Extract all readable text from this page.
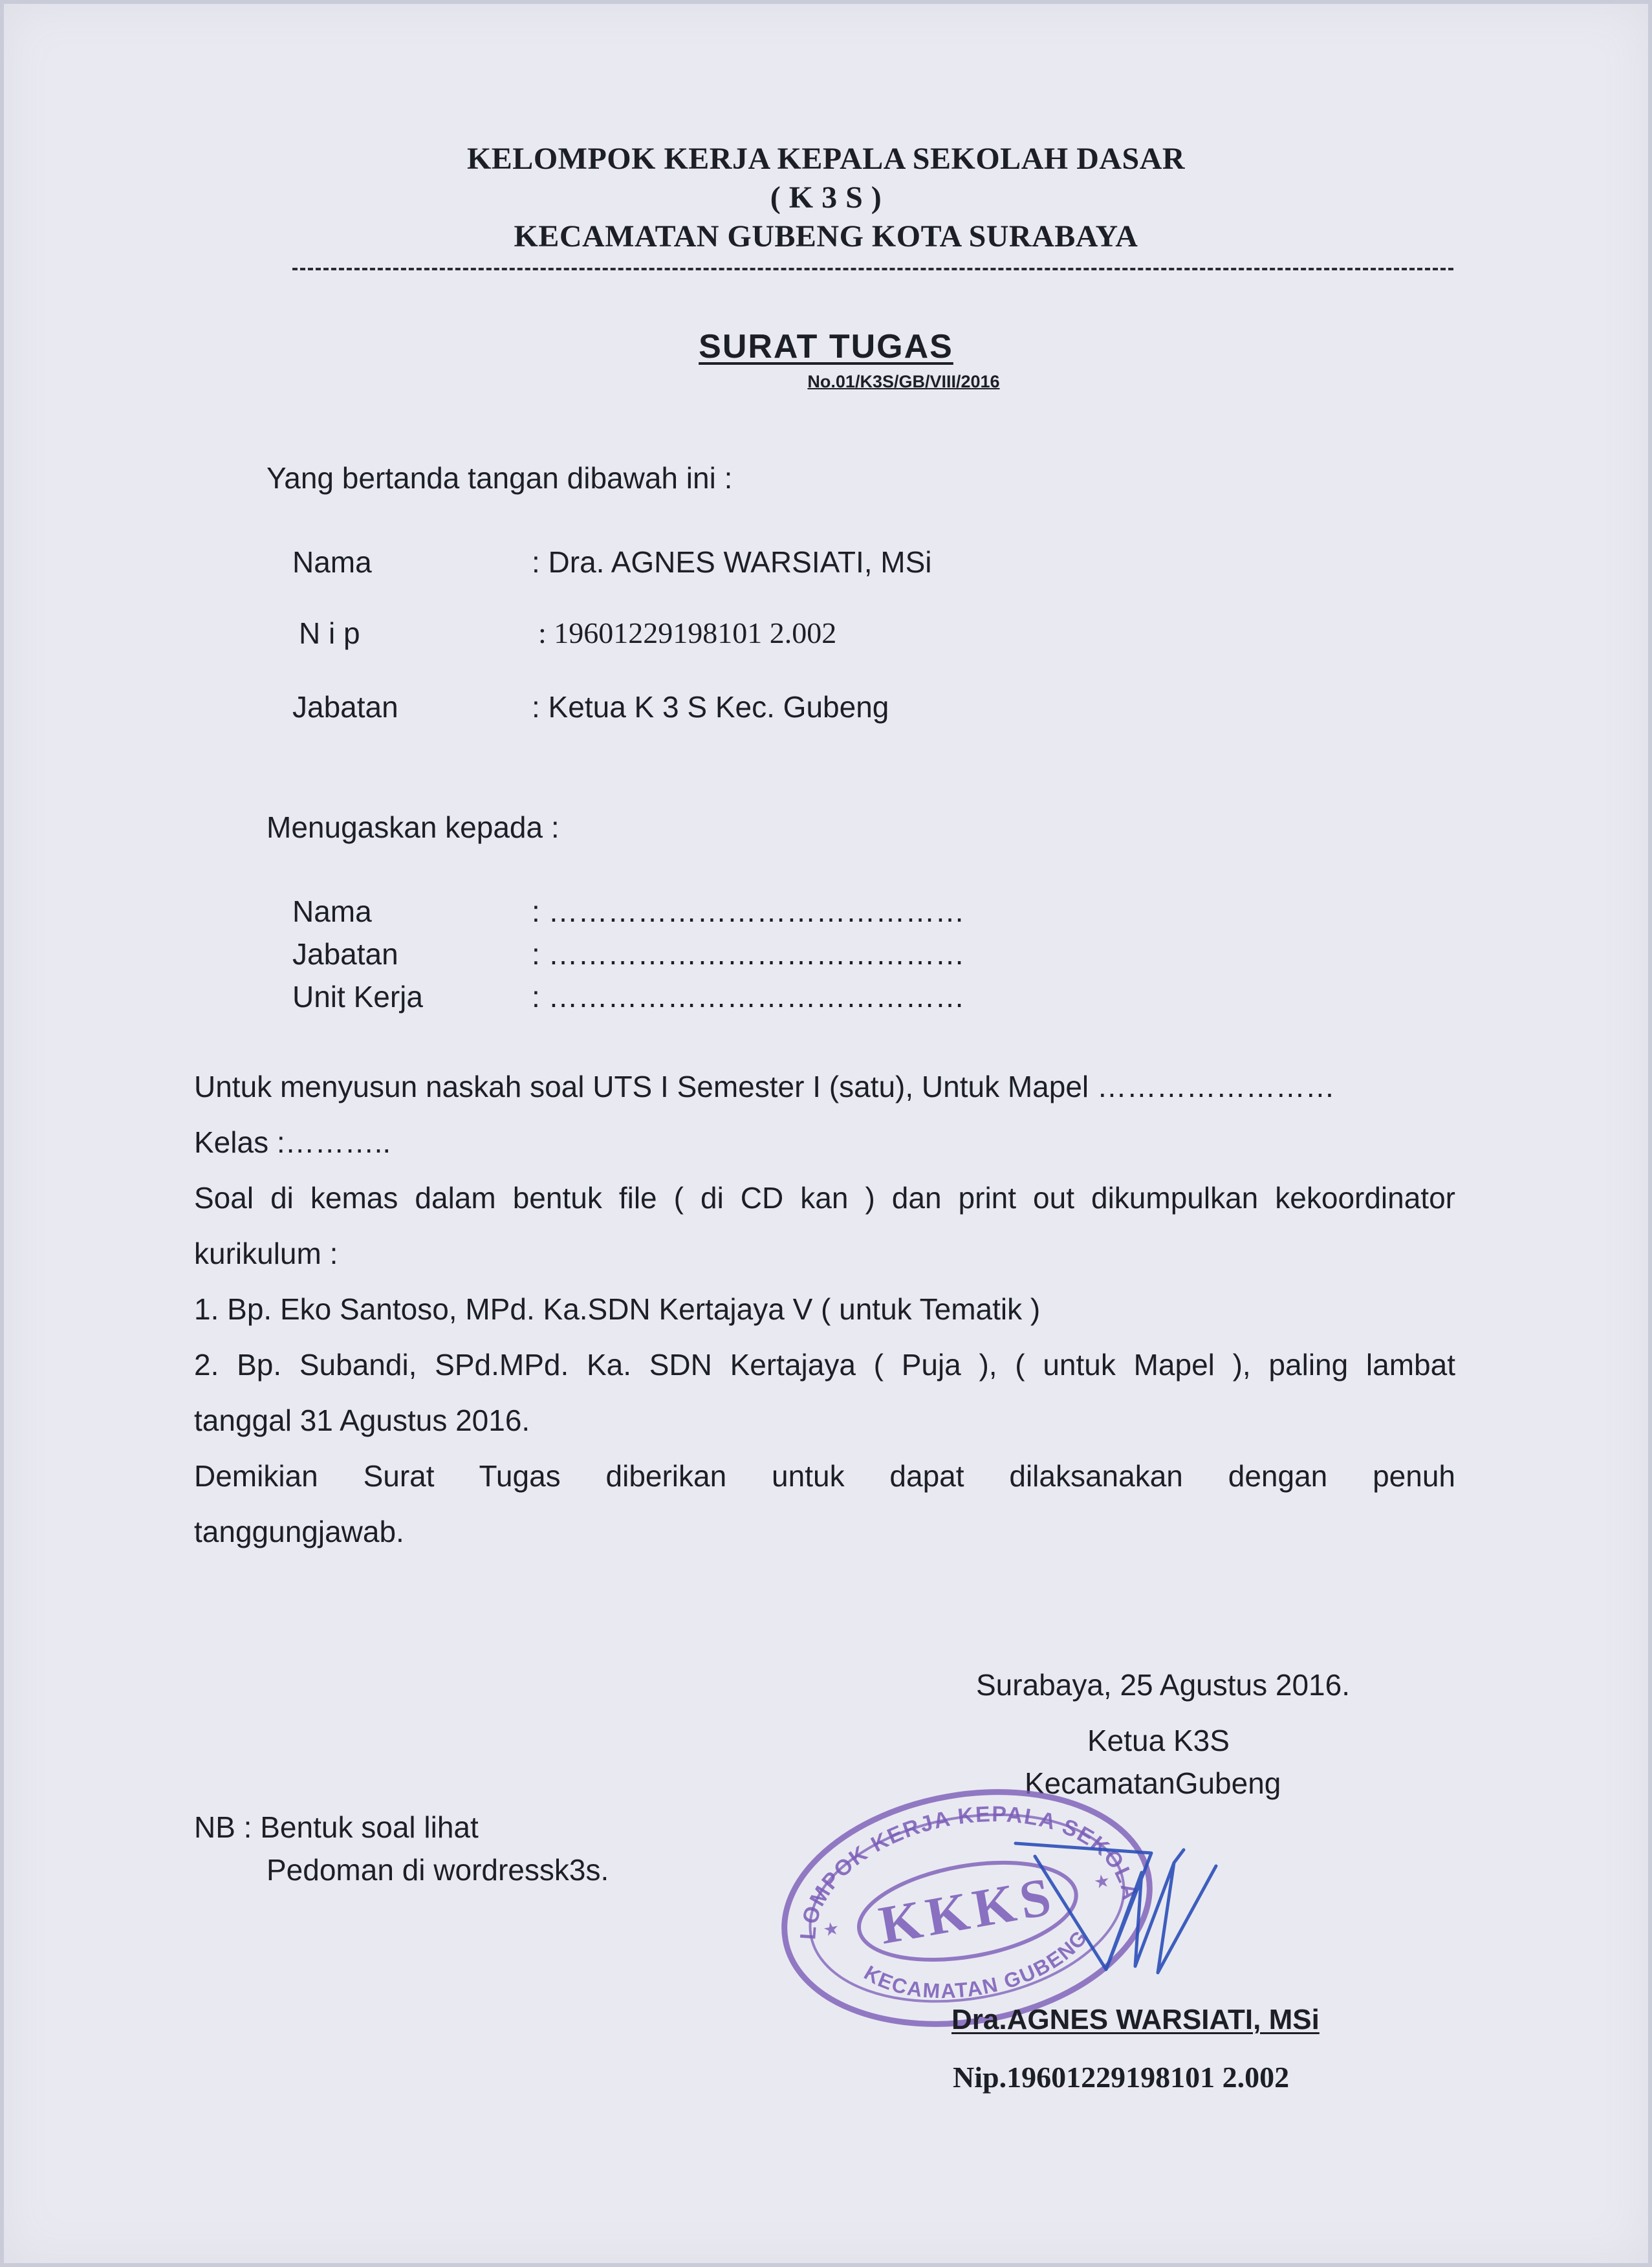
KELOMPOK KERJA KEPALA SEKOLAH DASAR
( K 3 S )
KECAMATAN GUBENG KOTA SURABAYA
SURAT TUGAS
No.01/K3S/GB/VIII/2016
Yang bertanda tangan dibawah ini :
Nama	: Dra. AGNES WARSIATI, MSi
N i p	: 19601229198101 2.002
Jabatan	: Ketua K 3 S Kec. Gubeng
Menugaskan kepada :
Nama	: ……………………………………
Jabatan	: ……………………………………
Unit Kerja	: ……………………………………
Untuk menyusun naskah soal UTS I Semester I (satu), Untuk Mapel ……………………
Kelas :………..
Soal di kemas dalam bentuk file ( di CD kan ) dan print out dikumpulkan kekoordinator
kurikulum :
1. Bp. Eko Santoso, MPd. Ka.SDN Kertajaya V ( untuk Tematik )
2. Bp. Subandi, SPd.MPd. Ka. SDN Kertajaya ( Puja ), ( untuk Mapel ), paling lambat
tanggal 31 Agustus 2016.
Demikian Surat Tugas diberikan untuk dapat dilaksanakan dengan penuh
tanggungjawab.
Surabaya, 25 Agustus 2016.
Ketua K3S
KecamatanGubeng
NB : Bentuk soal lihat
Pedoman di wordressk3s.
KELOMPOK KERJA KEPALA SEKOLAH
KKKS
KECAMATAN GUBENG
★
★
Dra.AGNES WARSIATI, MSi
Nip.19601229198101 2.002
